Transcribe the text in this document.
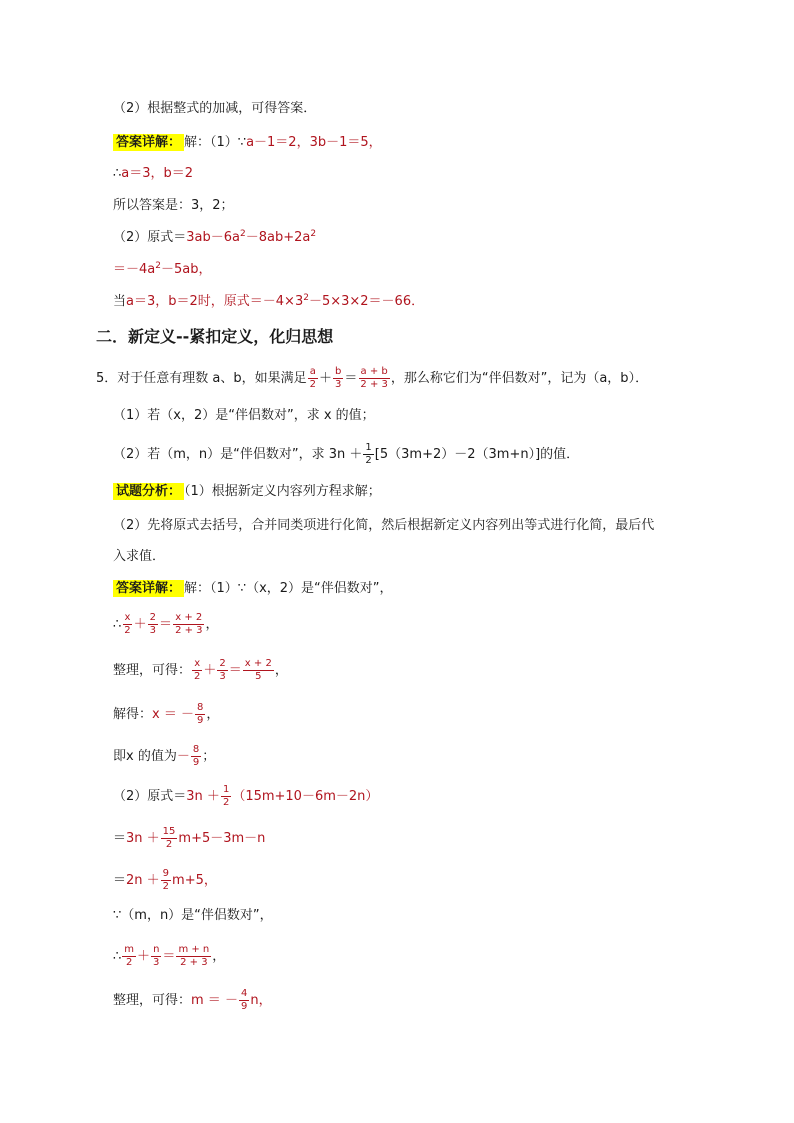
（2）根据整式的加减，可得答案．
答案详解： 解：（1）∵a－1＝2，3b－1＝5，
∴a＝3，b＝2
所以答案是：3，2；
（2）原式$=3ab-6a^2-8ab+2a^2$
$=-4a^2-5ab$，
当a＝3，b＝2时，原式$=-4\times 3^2-5\times 3\times 2=-66$．
二．新定义--紧扣定义，化归思想
5．对于任意有理数 a、b，如果满足 $\frac{a}{2} + \frac{b}{3} = \frac{a + b}{2 + 3}$ ，那么称它们为“伴侣数对”，记为（a，b）．
（1）若（x，2）是“伴侣数对”，求 x 的值；
（2）若（m，n）是“伴侣数对”，求 $3n + \frac{1}{2} [5(3m+2)-2(3m+n)]$的值．
试题分析： （1）根据新定义内容列方程求解；
（2）先将原式去括号，合并同类项进行化简，然后根据新定义内容列出等式进行化简，最后代
入求值．
答案详解： 解：（1）∵（x，2）是“伴侣数对”，
∴ $\frac{x}{2} + \frac{2}{3} = \frac{x + 2}{2 + 3}$ ，
整理，可得： $\frac{x}{2} + \frac{2}{3} = \frac{x + 2}{5}$ ，
解得：x ＝ － $\frac{8}{9}$ ，
即x 的值为－ $\frac{8}{9}$ ；
（2）原式$=3n + \frac{1}{2} (15m+10-6m-2n)$
$=3n + \frac{15}{2} m+5-3m-n$
$=2n + \frac{9}{2} m+5$，
∵（m，n）是“伴侣数对”，
∴ $\frac{m}{2} + \frac{n}{3} = \frac{m + n}{2 + 3}$ ，
整理，可得：m ＝ － $\frac{4}{9}$ n，
